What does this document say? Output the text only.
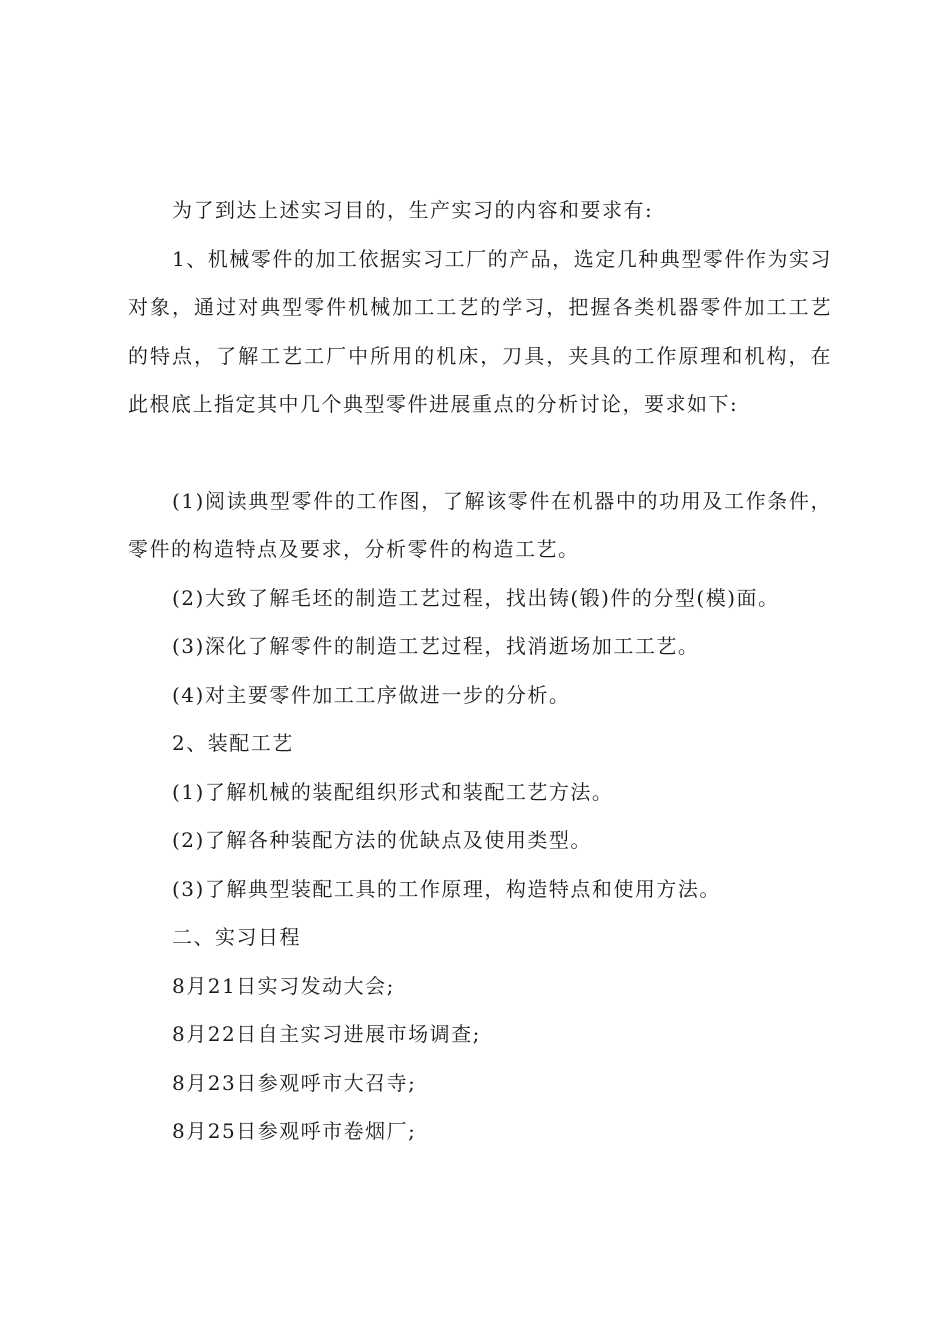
为了到达上述实习目的，生产实习的内容和要求有:

1、机械零件的加工依据实习工厂的产品，选定几种典型零件作为实习对象，通过对典型零件机械加工工艺的学习，把握各类机器零件加工工艺的特点，了解工艺工厂中所用的机床，刀具，夹具的工作原理和机构，在此根底上指定其中几个典型零件进展重点的分析讨论，要求如下:

(1)阅读典型零件的工作图，了解该零件在机器中的功用及工作条件，零件的构造特点及要求，分析零件的构造工艺。

(2)大致了解毛坯的制造工艺过程，找出铸(锻)件的分型(模)面。

(3)深化了解零件的制造工艺过程，找消逝场加工工艺。

(4)对主要零件加工工序做进一步的分析。

2、装配工艺

(1)了解机械的装配组织形式和装配工艺方法。

(2)了解各种装配方法的优缺点及使用类型。

(3)了解典型装配工具的工作原理，构造特点和使用方法。

二、实习日程

8月21日实习发动大会;

8月22日自主实习进展市场调查;

8月23日参观呼市大召寺;

8月25日参观呼市卷烟厂;
